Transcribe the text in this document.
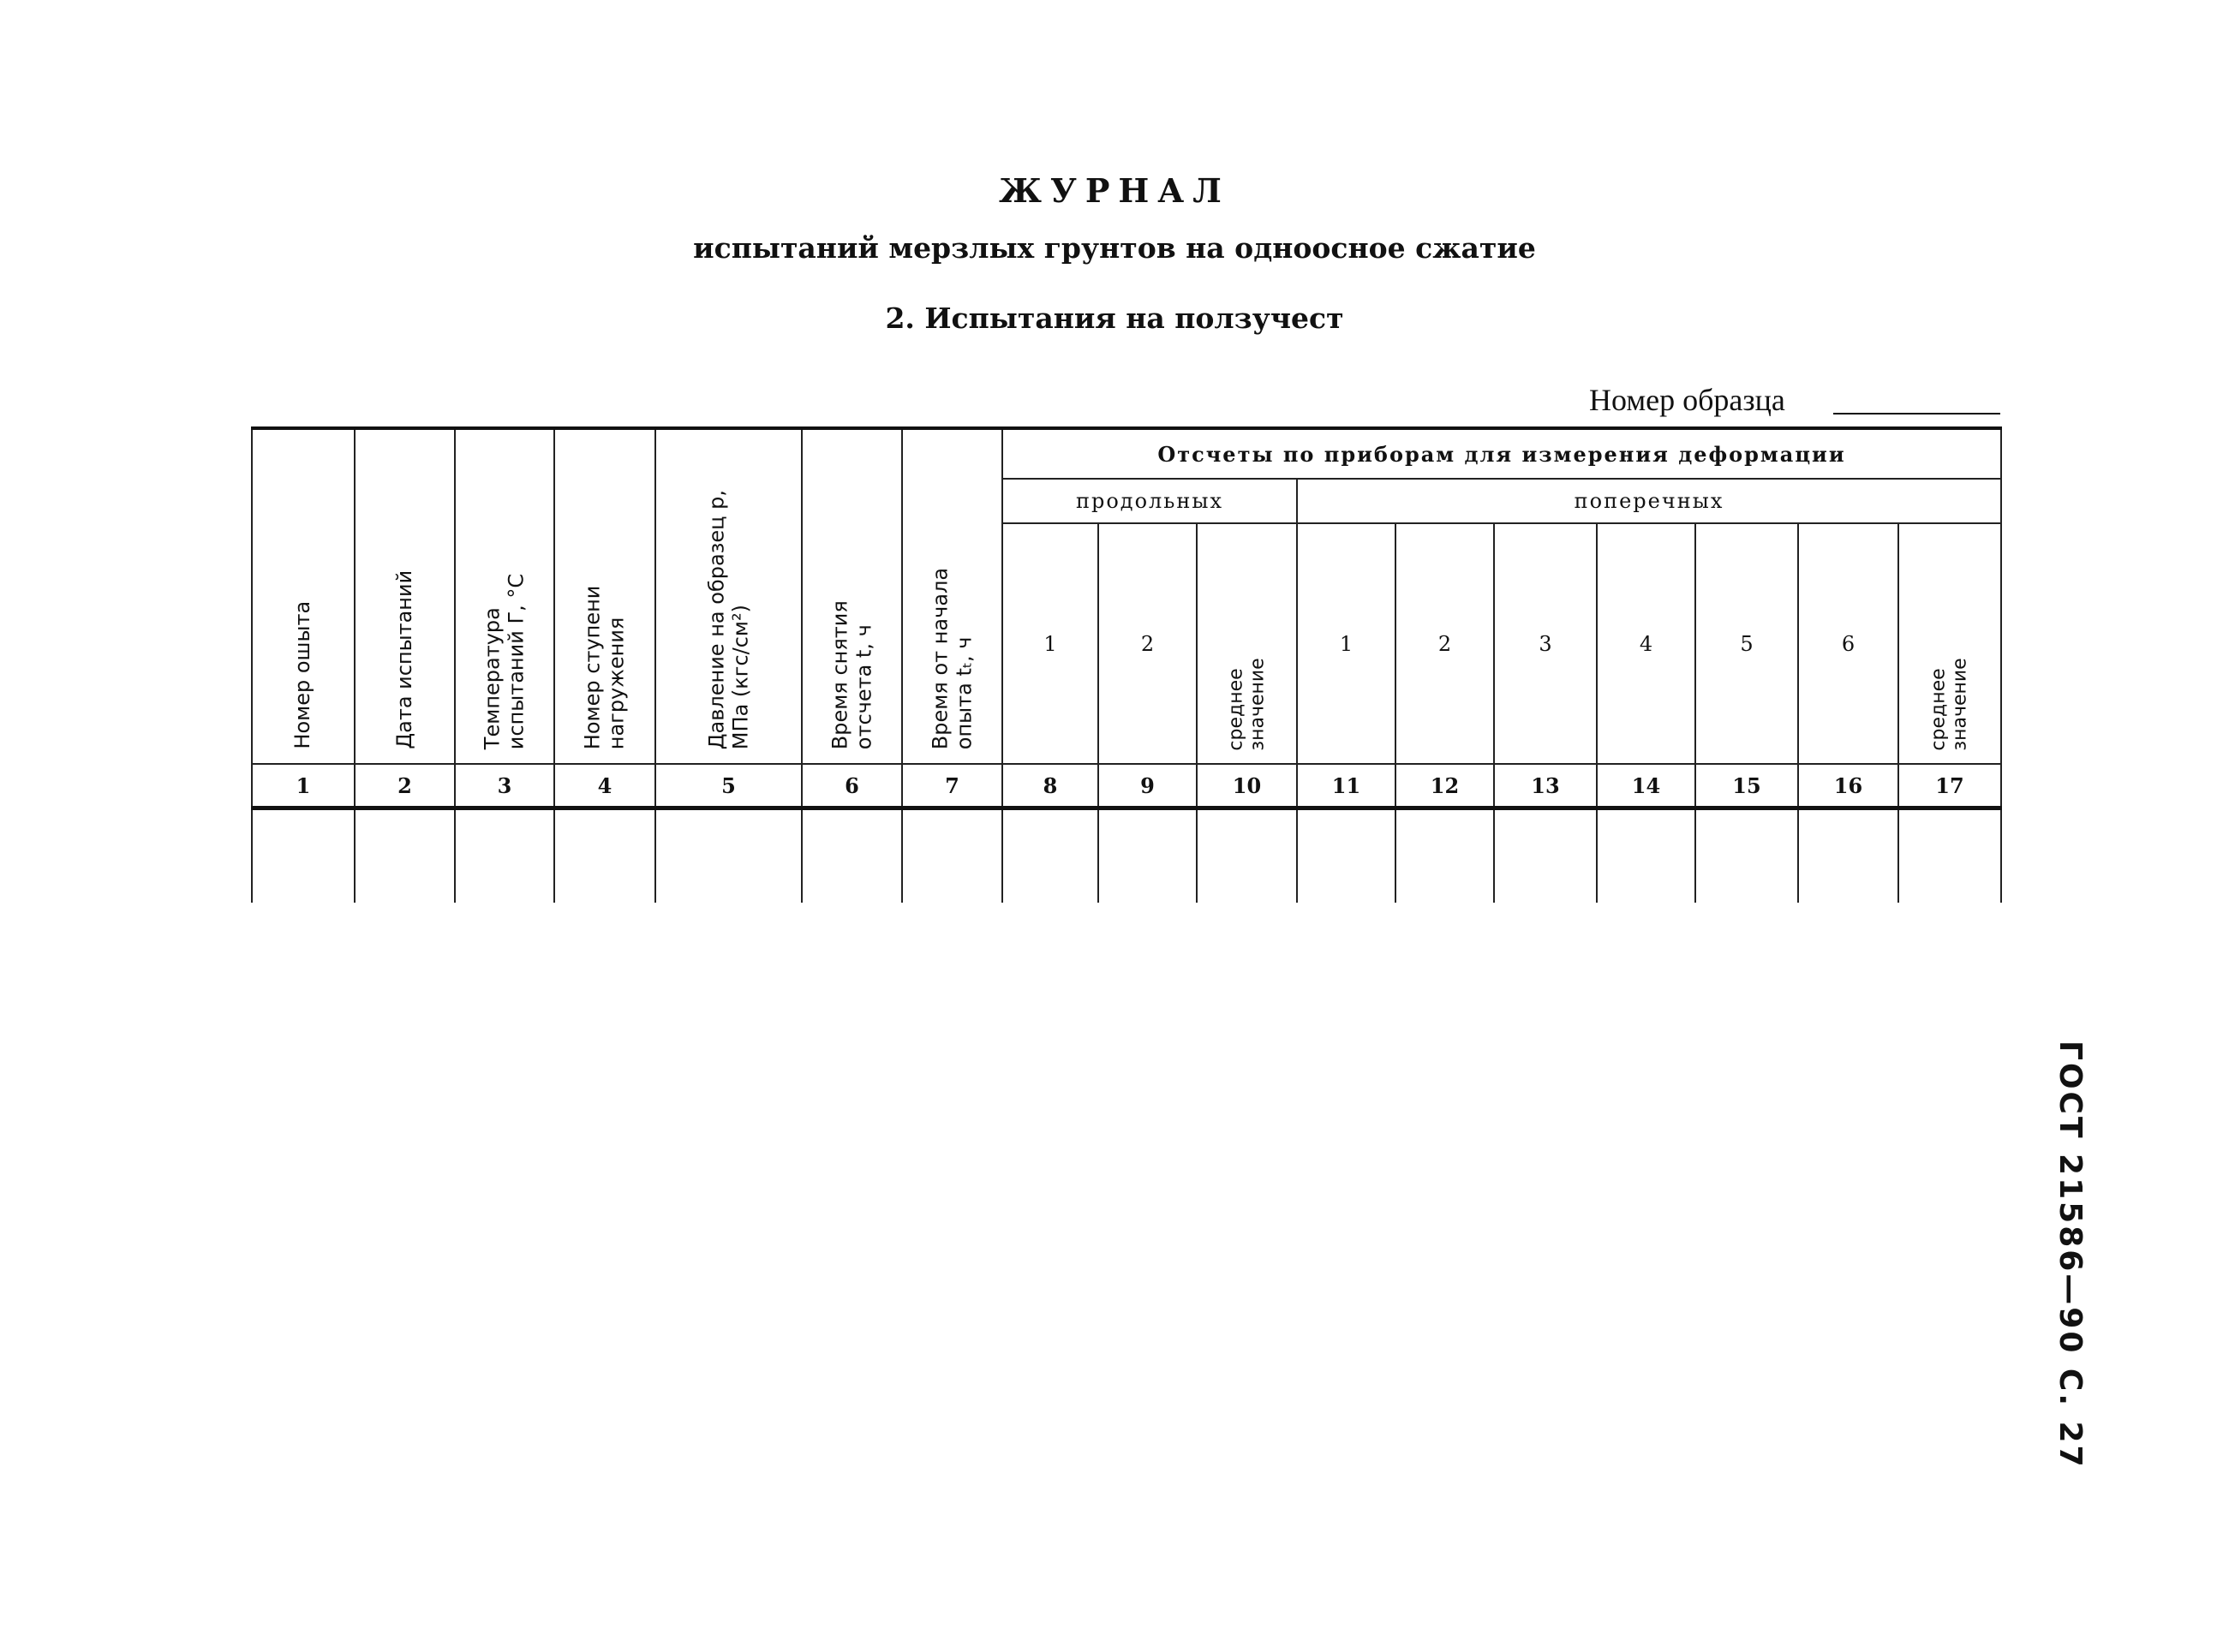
ЖУРНАЛ
испытаний мерзлых грунтов на одноосное сжатие
2. Испытания на ползучест
Номер образца
Номер ошыта	Дата испытаний	Температура испытаний Г, °С	Номер ступени нагружения	Давление на образец р, МПа (кгс/см²)	Время снятия отсчета t, ч	Время от начала опыта tₜ, ч	Отсчеты по приборам для измерения деформации									
							продольных			поперечных						
							1	2	среднее значение	1	2	3	4	5	6	среднее значение

1	2	3	4	5	6	7	8	9	10	11	12	13	14	15	16	17

ГОСТ 21586—90 С. 27
